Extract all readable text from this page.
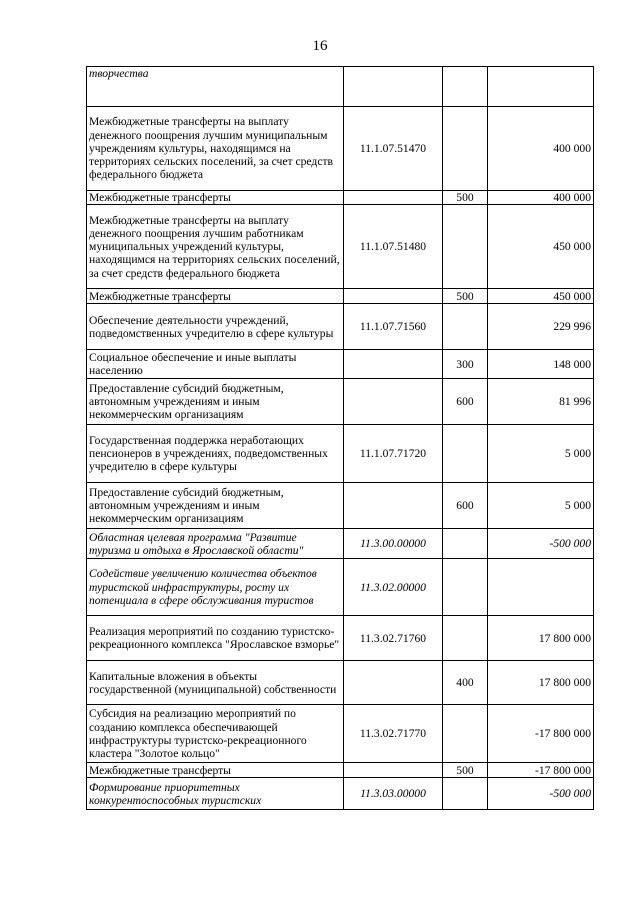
16
творчества			
Межбюджетные трансферты на выплату денежного поощрения лучшим муниципальным учреждениям культуры, находящимся на территориях сельских поселений, за счет средств федерального бюджета	11.1.07.51470		400 000
Межбюджетные трансферты		500	400 000
Межбюджетные трансферты на выплату денежного поощрения лучшим работникам муниципальных учреждений культуры, находящимся на территориях сельских поселений, за счет средств федерального бюджета	11.1.07.51480		450 000
Межбюджетные трансферты		500	450 000
Обеспечение деятельности учреждений, подведомственных учредителю в сфере культуры	11.1.07.71560		229 996
Социальное обеспечение и иные выплаты населению		300	148 000
Предоставление субсидий бюджетным, автономным учреждениям и иным некоммерческим организациям		600	81 996
Государственная поддержка неработающих пенсионеров в учреждениях, подведомственных учредителю в сфере культуры	11.1.07.71720		5 000
Предоставление субсидий бюджетным, автономным учреждениям и иным некоммерческим организациям		600	5 000
Областная целевая программа "Развитие туризма и отдыха в Ярославской области"	11.3.00.00000		-500 000
Содействие увеличению количества объектов туристской инфраструктуры, росту их потенциала в сфере обслуживания туристов	11.3.02.00000		
Реализация мероприятий по созданию туристско-рекреационного комплекса "Ярославское взморье"	11.3.02.71760		17 800 000
Капитальные вложения в объекты государственной (муниципальной) собственности		400	17 800 000
Субсидия на реализацию мероприятий по созданию комплекса обеспечивающей инфраструктуры туристско-рекреационного кластера "Золотое кольцо"	11.3.02.71770		-17 800 000
Межбюджетные трансферты		500	-17 800 000
Формирование приоритетных конкурентоспособных туристских	11.3.03.00000		-500 000
